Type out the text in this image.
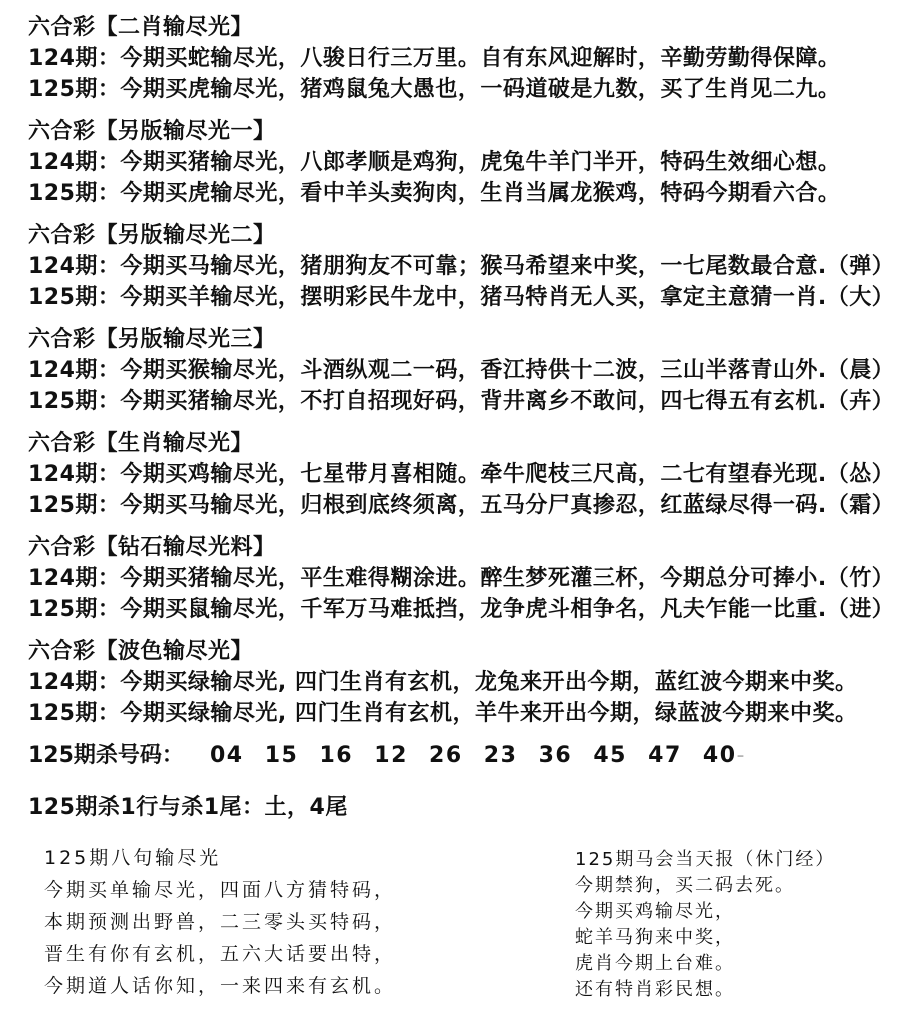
六合彩【二肖输尽光】

124期：今期买蛇输尽光，八骏日行三万里。自有东风迎解时，辛勤劳勤得保障。

125期：今期买虎输尽光，猪鸡鼠兔大愚也，一码道破是九数，买了生肖见二九。

六合彩【另版输尽光一】

124期：今期买猪输尽光，八郎孝顺是鸡狗，虎兔牛羊门半开，特码生效细心想。

125期：今期买虎输尽光，看中羊头卖狗肉，生肖当属龙猴鸡，特码今期看六合。

六合彩【另版输尽光二】

124期：今期买马输尽光，猪朋狗友不可靠；猴马希望来中奖，一七尾数最合意.（弹）

125期：今期买羊输尽光，摆明彩民牛龙中，猪马特肖无人买，拿定主意猜一肖.（大）

六合彩【另版输尽光三】

124期：今期买猴输尽光，斗酒纵观二一码，香江持供十二波，三山半落青山外.（晨）

125期：今期买猪输尽光，不打自招现好码，背井离乡不敢问，四七得五有玄机.（卉）

六合彩【生肖输尽光】

124期：今期买鸡输尽光，七星带月喜相随。牵牛爬枝三尺高，二七有望春光现.（怂）

125期：今期买马输尽光，归根到底终须离，五马分尸真掺忍，红蓝绿尽得一码.（霜）

六合彩【钻石输尽光料】

124期：今期买猪输尽光，平生难得糊涂进。醉生梦死灌三杯，今期总分可捧小.（竹）

125期：今期买鼠输尽光，千军万马难抵挡，龙争虎斗相争名，凡夫乍能一比重.（进）

六合彩【波色输尽光】

124期：今期买绿输尽光, 四门生肖有玄机，龙兔来开出今期，蓝红波今期来中奖。

125期：今期买绿输尽光, 四门生肖有玄机，羊牛来开出今期，绿蓝波今期来中奖。

125期杀号码： 04 15 16 12 26 23 36 45 47 40-
125期杀1行与杀1尾：土，4尾

125期八句输尽光

今期买单输尽光，四面八方猜特码，

本期预测出野兽，二三零头买特码，

晋生有你有玄机，五六大话要出特，

今期道人话你知，一来四来有玄机。

125期马会当天报（休门经）

今期禁狗，买二码去死。

今期买鸡输尽光，

蛇羊马狗来中奖，

虎肖今期上台难。

还有特肖彩民想。
